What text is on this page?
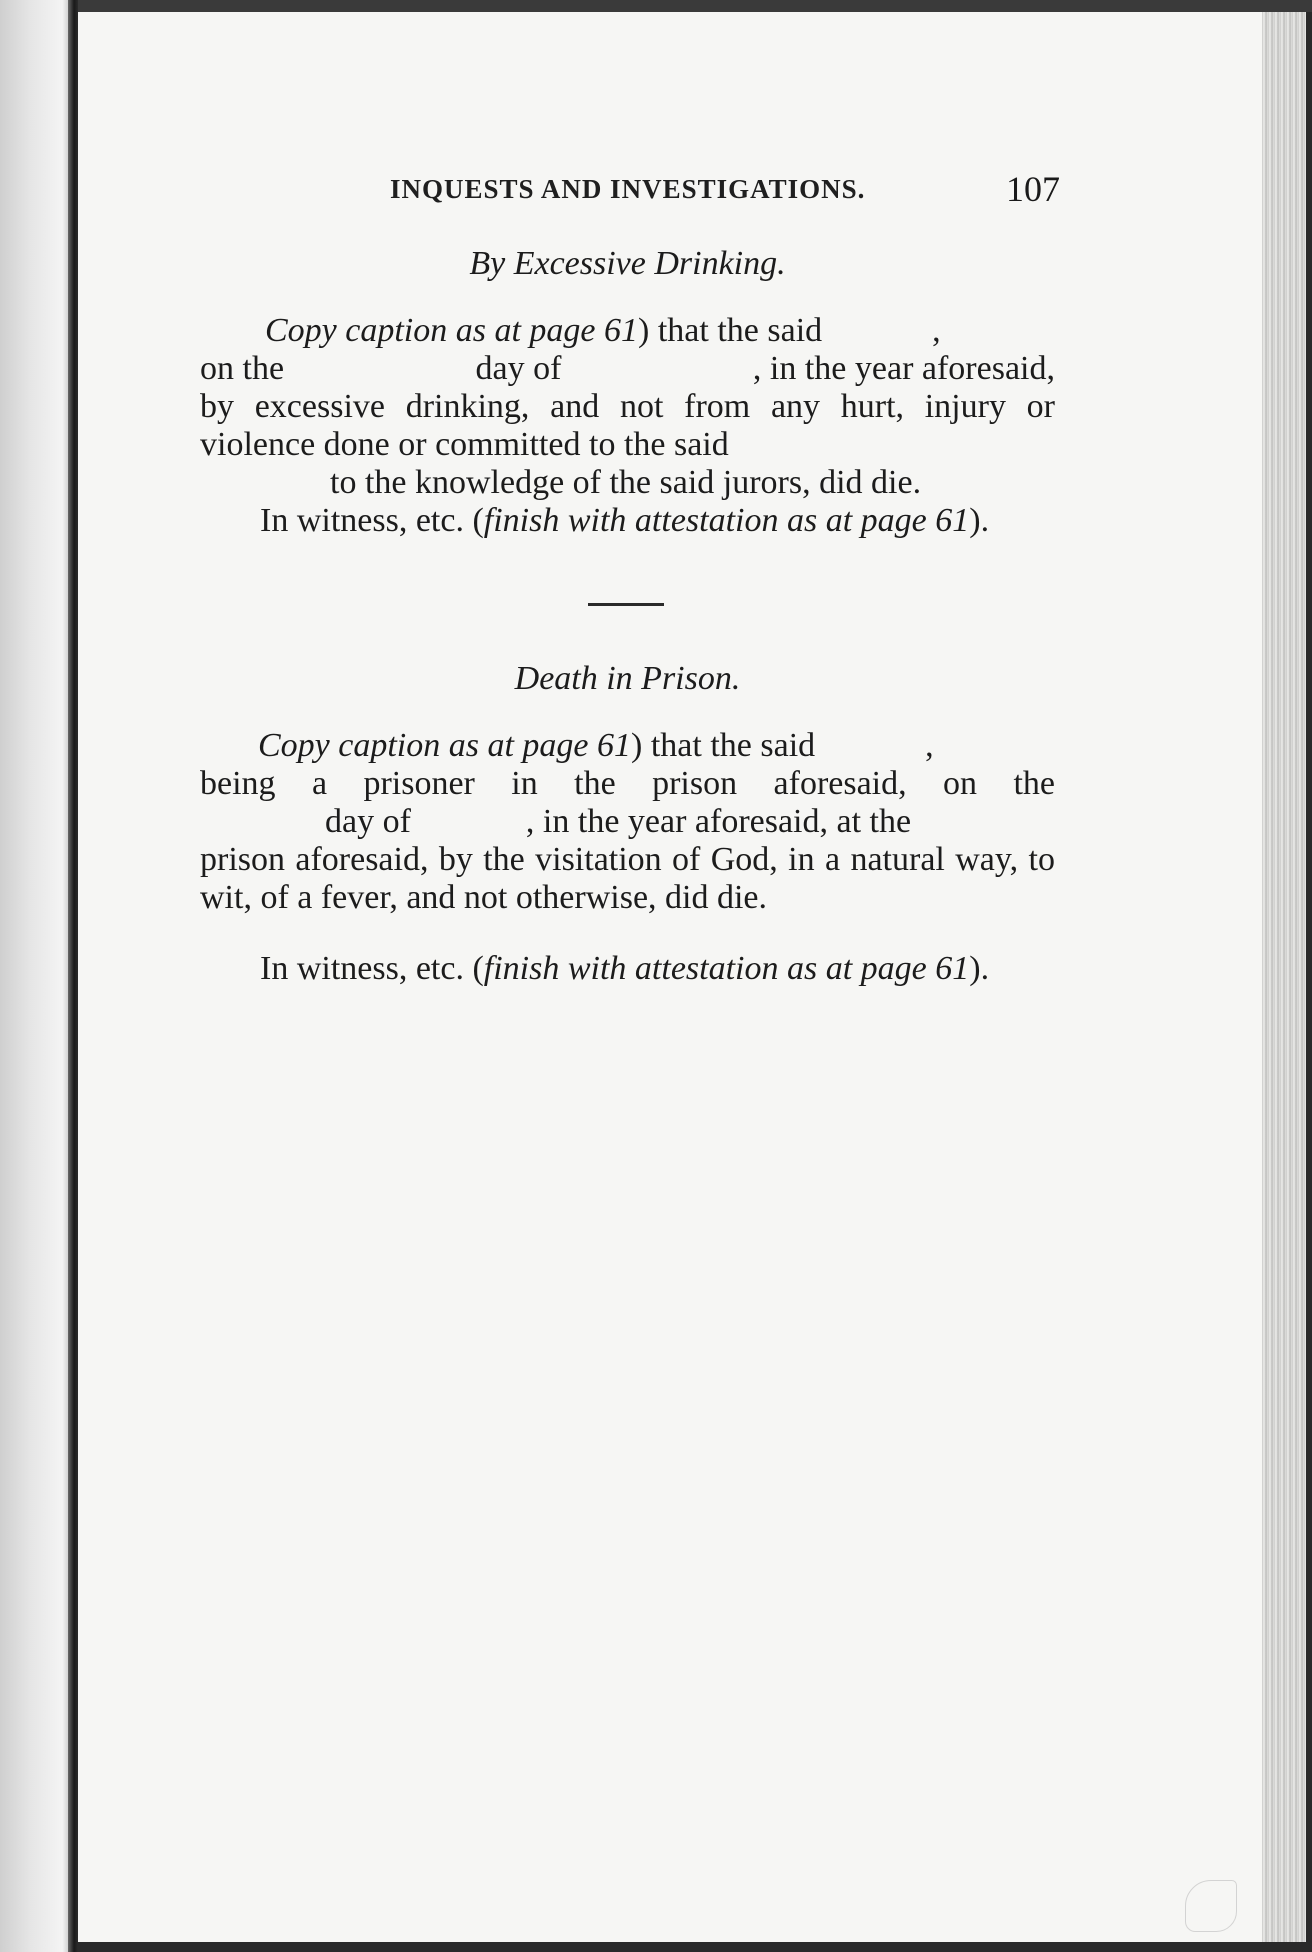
INQUESTS AND INVESTIGATIONS.	107
By Excessive Drinking.
Copy caption as at page 61) that the said	,
on the	day of	, in the year aforesaid,
by excessive drinking, and not from any hurt, injury or violence done or committed to the said
to the knowledge of the said jurors, did die.
In witness, etc. (finish with attestation as at page 61).
Death in Prison.
Copy caption as at page 61) that the said	,
being a prisoner in the prison aforesaid, on the
day of	, in the year aforesaid, at the
prison aforesaid, by the visitation of God, in a natural way, to wit, of a fever, and not otherwise, did die.
In witness, etc. (finish with attestation as at page 61).
